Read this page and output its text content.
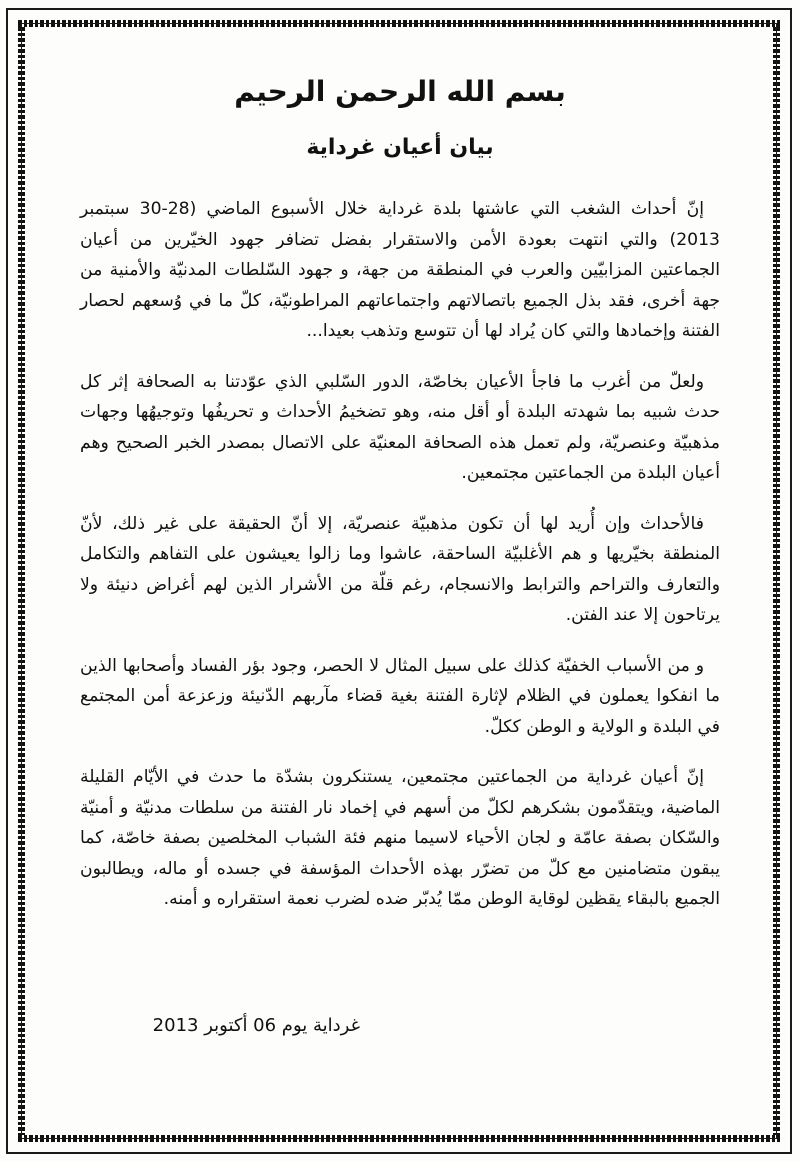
بسم الله الرحمن الرحيم
بيان أعيان غرداية

إنّ أحداث الشغب التي عاشتها بلدة غرداية خلال الأسبوع الماضي (28-30 سبتمبر 2013) والتي انتهت بعودة الأمن والاستقرار بفضل تضافر جهود الخيّرين من أعيان الجماعتين المزابيّين والعرب في المنطقة من جهة، و جهود السّلطات المدنيّة والأمنية من جهة أخرى، فقد بذل الجميع باتصالاتهم واجتماعاتهم المراطونيّة، كلّ ما في وُسعهم لحصار الفتنة وإخمادها والتي كان يُراد لها أن تتوسع وتذهب بعيدا...

ولعلّ من أغرب ما فاجأ الأعيان بخاصّة، الدور السّلبي الذي عوّدتنا به الصحافة إثر كل حدث شبيه بما شهدته البلدة أو أقل منه، وهو تضخيمُ الأحداث و تحريفُها وتوجيهُها وجهات مذهبيّة وعنصريّة، ولم تعمل هذه الصحافة المعنيّة على الاتصال بمصدر الخبر الصحيح وهم أعيان البلدة من الجماعتين مجتمعين.

فالأحداث وإن أُريد لها أن تكون مذهبيّة عنصريّة، إلا أنّ الحقيقة على غير ذلك، لأنّ المنطقة بخيّريها و هم الأغلبيّة الساحقة، عاشوا وما زالوا يعيشون على التفاهم والتكامل والتعارف والتراحم والترابط والانسجام، رغم قلّة من الأشرار الذين لهم أغراض دنيئة ولا يرتاحون إلا عند الفتن.

و من الأسباب الخفيّة كذلك على سبيل المثال لا الحصر، وجود بؤر الفساد وأصحابها الذين ما انفكوا يعملون في الظلام لإثارة الفتنة بغية قضاء مآربهم الدّنيئة وزعزعة أمن المجتمع في البلدة و الولاية و الوطن ككلّ.

إنّ أعيان غرداية من الجماعتين مجتمعين، يستنكرون بشدّة ما حدث في الأيّام القليلة الماضية، ويتقدّمون بشكرهم لكلّ من أسهم في إخماد نار الفتنة من سلطات مدنيّة و أمنيّة والسّكان بصفة عامّة و لجان الأحياء لاسيما منهم فئة الشباب المخلصين بصفة خاصّة، كما يبقون متضامنين مع كلّ من تضرّر بهذه الأحداث المؤسفة في جسده أو ماله، ويطالبون الجميع بالبقاء يقظين لوقاية الوطن ممّا يُدبّر ضده لضرب نعمة استقراره و أمنه.

غرداية يوم 06 أكتوبر 2013
